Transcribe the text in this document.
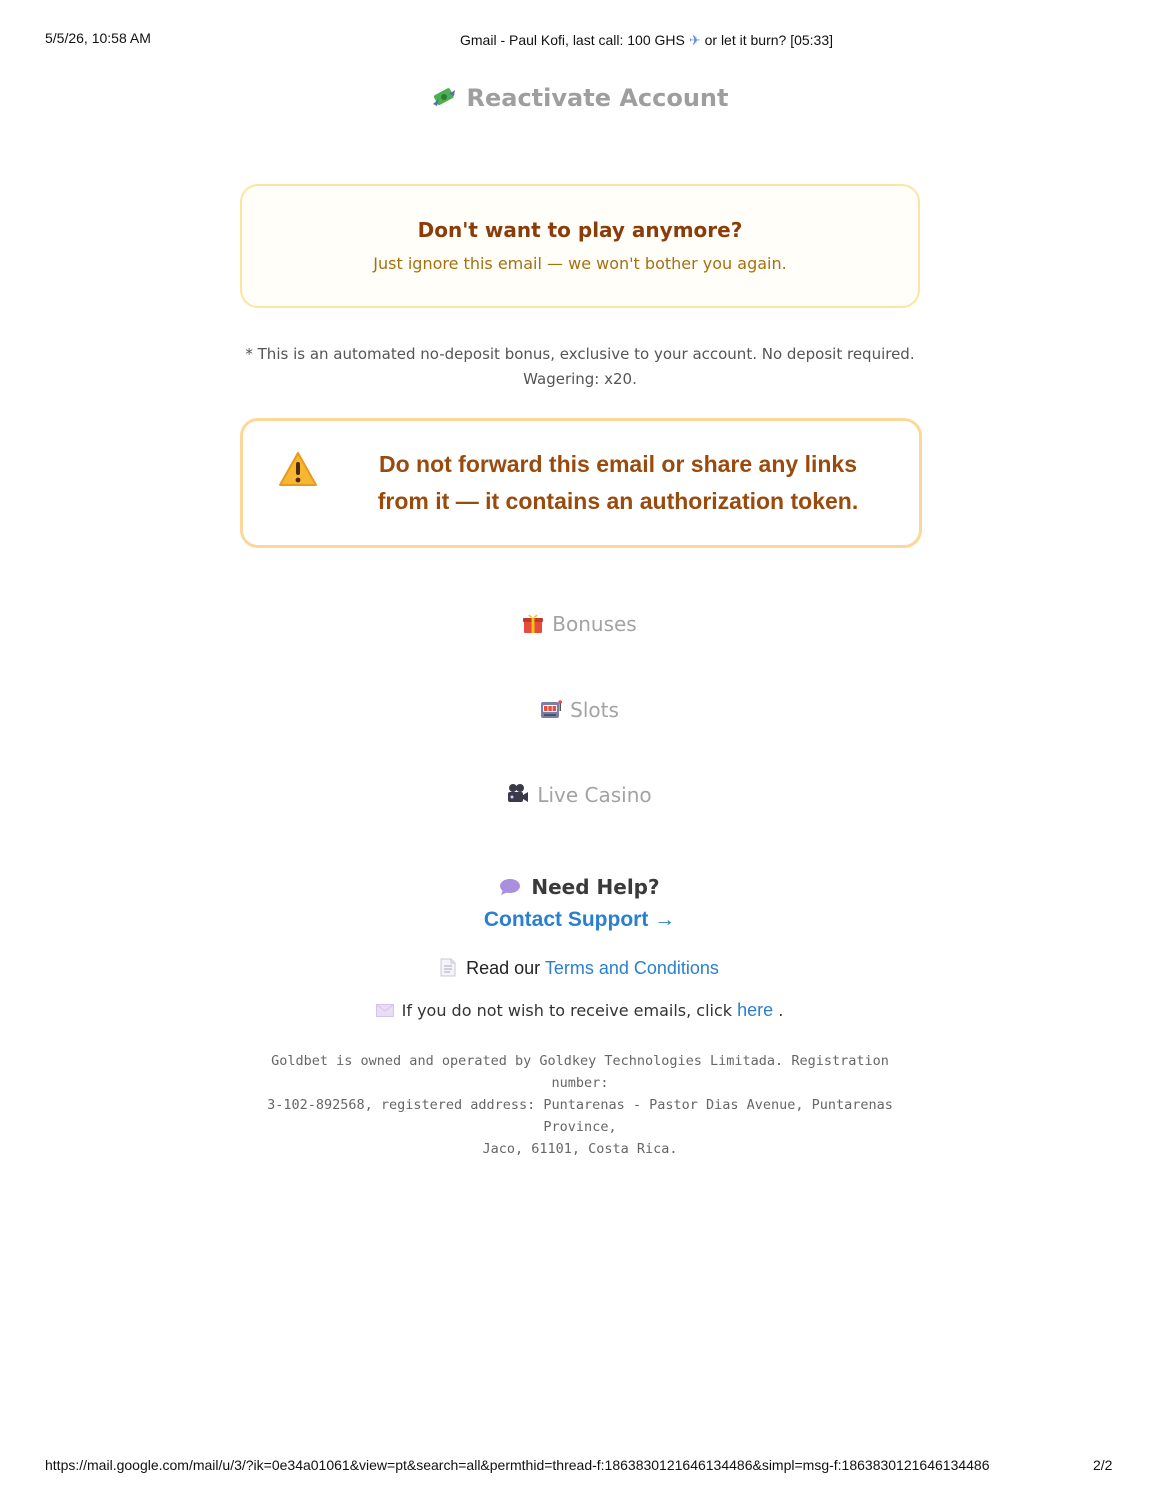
5/5/26, 10:58 AM	Gmail - Paul Kofi, last call: 100 GHS ✈ or let it burn? [05:33]
Reactivate Account
Don't want to play anymore?
Just ignore this email — we won't bother you again.
* This is an automated no-deposit bonus, exclusive to your account. No deposit required.
Wagering: x20.
Do not forward this email or share any links
from it — it contains an authorization token.
Bonuses
Slots
Live Casino
Need Help?
Contact Support →
Read our Terms and Conditions
If you do not wish to receive emails, click here .
Goldbet is owned and operated by Goldkey Technologies Limitada. Registration number:
3-102-892568, registered address: Puntarenas - Pastor Dias Avenue, Puntarenas Province,
Jaco, 61101, Costa Rica.
https://mail.google.com/mail/u/3/?ik=0e34a01061&view=pt&search=all&permthid=thread-f:1863830121646134486&simpl=msg-f:1863830121646134486	2/2
